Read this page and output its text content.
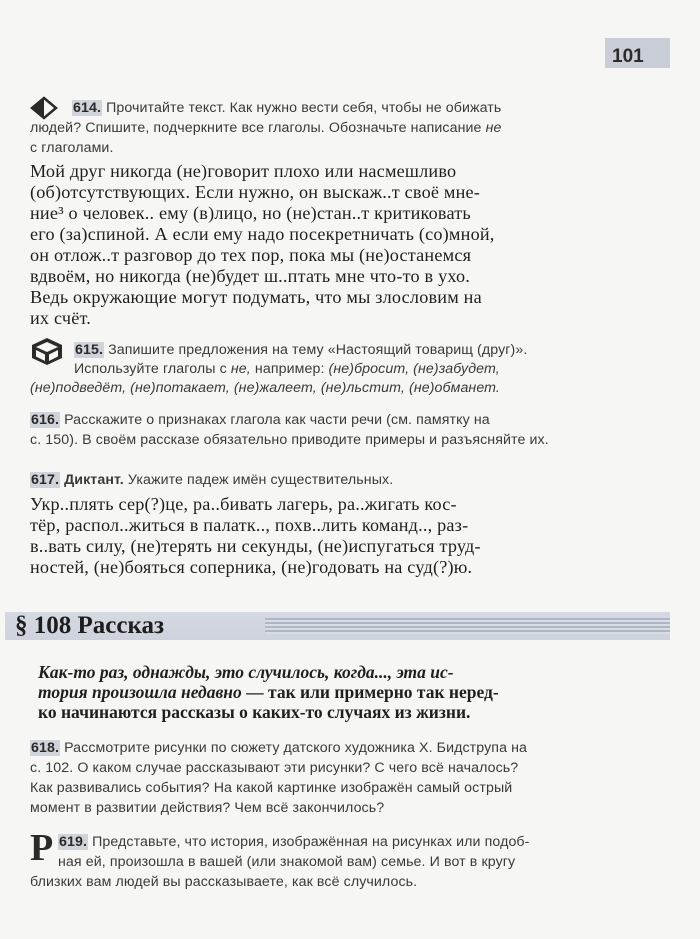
101
614. Прочитайте текст. Как нужно вести себя, чтобы не обижать
людей? Спишите, подчеркните все глаголы. Обозначьте написание не
с глаголами.
Мой друг никогда (не)говорит плохо или насмешливо
(об)отсутствующих. Если нужно, он выскаж..т своё мне-
ние³ о человек.. ему (в)лицо, но (не)стан..т критиковать
его (за)спиной. А если ему надо посекретничать (со)мной,
он отлож..т разговор до тех пор, пока мы (не)останемся
вдвоём, но никогда (не)будет ш..птать мне что-то в ухо.
Ведь окружающие могут подумать, что мы злословим на
их счёт.
615. Запишите предложения на тему «Настоящий товарищ (друг)».
Используйте глаголы с не, например: (не)бросит, (не)забудет,
(не)подведёт, (не)потакает, (не)жалеет, (не)льстит, (не)обманет.
616. Расскажите о признаках глагола как части речи (см. памятку на
с. 150). В своём рассказе обязательно приводите примеры и разъясняйте их.
617. Диктант. Укажите падеж имён существительных.
Укр..плять сер(?)це, ра..бивать лагерь, ра..жигать кос-
тёр, распол..житься в палатк.., похв..лить команд.., раз-
в..вать силу, (не)терять ни секунды, (не)испугаться труд-
ностей, (не)бояться соперника, (не)годовать на суд(?)ю.
§ 108 Рассказ
Как-то раз, однажды, это случилось, когда..., эта ис-
тория произошла недавно — так или примерно так неред-
ко начинаются рассказы о каких-то случаях из жизни.
618. Рассмотрите рисунки по сюжету датского художника Х. Бидструпа на
с. 102. О каком случае рассказывают эти рисунки? С чего всё началось?
Как развивались события? На какой картинке изображён самый острый
момент в развитии действия? Чем всё закончилось?
Р 619. Представьте, что история, изображённая на рисунках или подоб-
ная ей, произошла в вашей (или знакомой вам) семье. И вот в кругу
близких вам людей вы рассказываете, как всё случилось.
